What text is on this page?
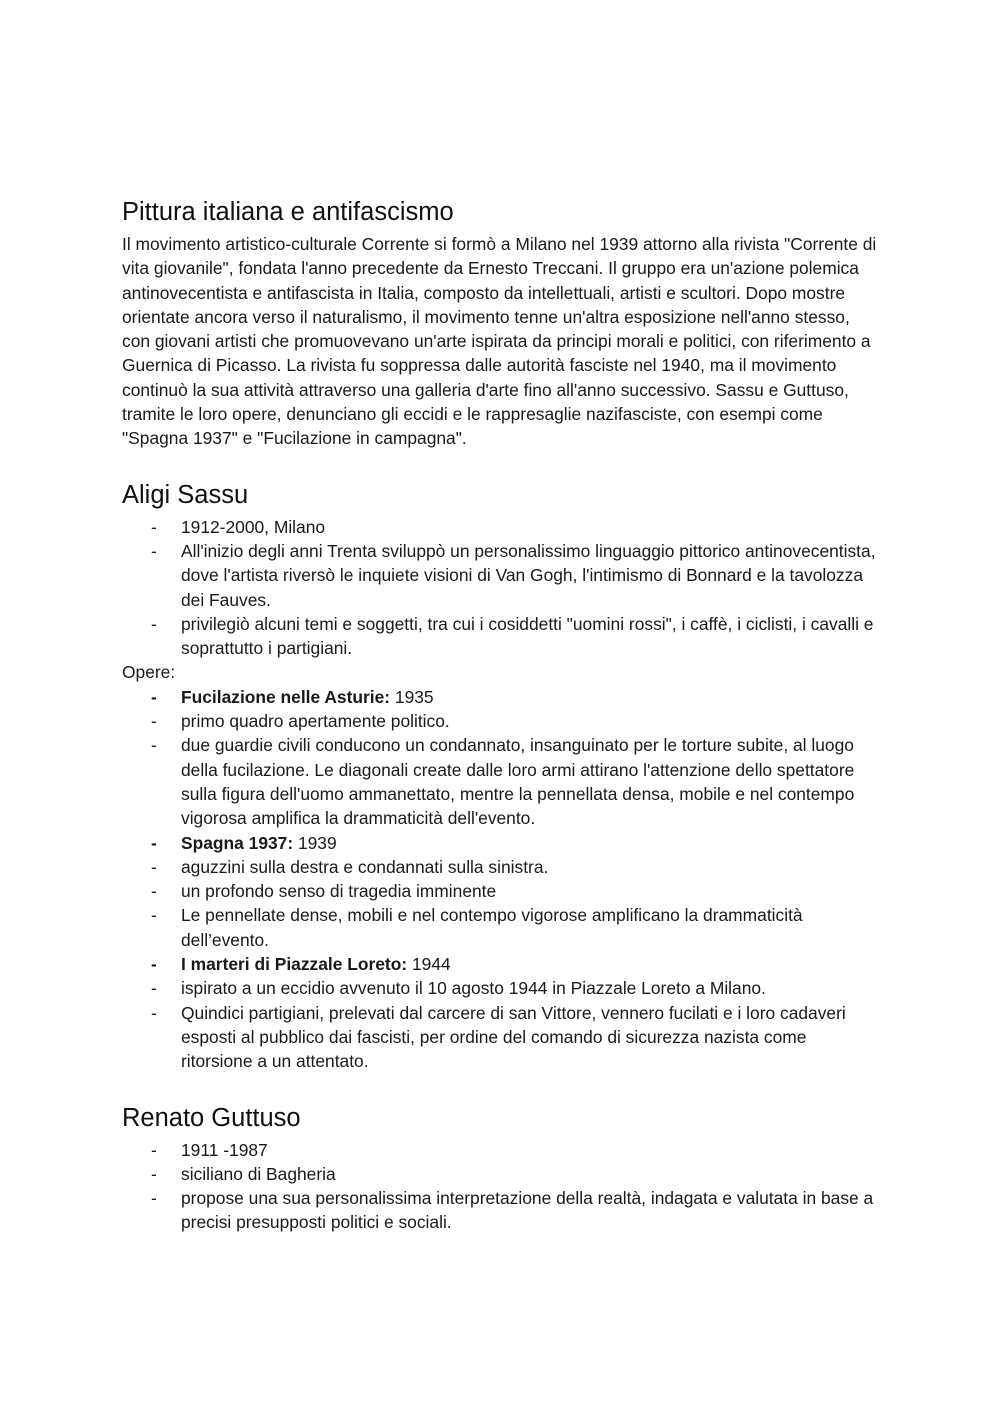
Pittura italiana e antifascismo

Il movimento artistico-culturale Corrente si formò a Milano nel 1939 attorno alla rivista "Corrente di vita giovanile", fondata l'anno precedente da Ernesto Treccani. Il gruppo era un'azione polemica antinovecentista e antifascista in Italia, composto da intellettuali, artisti e scultori. Dopo mostre orientate ancora verso il naturalismo, il movimento tenne un'altra esposizione nell'anno stesso, con giovani artisti che promuovevano un'arte ispirata da principi morali e politici, con riferimento a Guernica di Picasso. La rivista fu soppressa dalle autorità fasciste nel 1940, ma il movimento continuò la sua attività attraverso una galleria d'arte fino all'anno successivo. Sassu e Guttuso, tramite le loro opere, denunciano gli eccidi e le rappresaglie nazifasciste, con esempi come "Spagna 1937" e "Fucilazione in campagna".

Aligi Sassu
- 1912-2000, Milano
- All'inizio degli anni Trenta sviluppò un personalissimo linguaggio pittorico antinovecentista, dove l'artista riversò le inquiete visioni di Van Gogh, l'intimismo di Bonnard e la tavolozza dei Fauves.
- privilegiò alcuni temi e soggetti, tra cui i cosiddetti "uomini rossi", i caffè, i ciclisti, i cavalli e soprattutto i partigiani.

Opere:

- Fucilazione nelle Asturie: 1935
- primo quadro apertamente politico.
- due guardie civili conducono un condannato, insanguinato per le torture subite, al luogo della fucilazione. Le diagonali create dalle loro armi attirano l'attenzione dello spettatore sulla figura dell'uomo ammanettato, mentre la pennellata densa, mobile e nel contempo vigorosa amplifica la drammaticità dell'evento.
- Spagna 1937: 1939
- aguzzini sulla destra e condannati sulla sinistra.
- un profondo senso di tragedia imminente
- Le pennellate dense, mobili e nel contempo vigorose amplificano la drammaticità dell’evento.
- I marteri di Piazzale Loreto: 1944
- ispirato a un eccidio avvenuto il 10 agosto 1944 in Piazzale Loreto a Milano.
- Quindici partigiani, prelevati dal carcere di san Vittore, vennero fucilati e i loro cadaveri esposti al pubblico dai fascisti, per ordine del comando di sicurezza nazista come ritorsione a un attentato.
Renato Guttuso
- 1911 -1987
- siciliano di Bagheria
- propose una sua personalissima interpretazione della realtà, indagata e valutata in base a precisi presupposti politici e sociali.
